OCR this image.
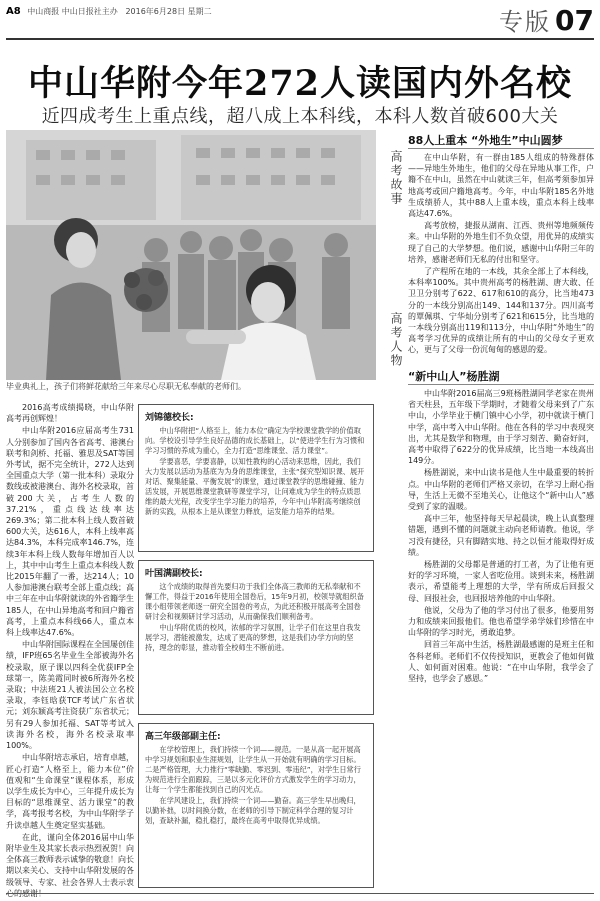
A8 中山商报 中山日报社主办 2016年6月28日 星期二	专版 07
中山华附今年272人读国内外名校
近四成考生上重点线，超八成上本科线，本科人数首破600大关
毕业典礼上，孩子们将鲜花献给三年来尽心尽职无私奉献的老师们。
高考故事
高考人物

2016高考成绩揭晓，中山华附高考再创辉煌！

中山华附2016应届高考生731人分别参加了国内各省高考、港澳台联考和剑桥、托福、雅思及SAT等国外考试，据不完全统计，272人达到全国重点大学（第一批本科）录取分数线或被港澳台、海外名校录取，首破200大关，占考生人数的37.21%，重点线达线率达269.3%；第二批本科上线人数首破600大关，达616人，本科上线率高达84.3%，本科完成率146.7%，连续3年本科上线人数每年增加百人以上，其中中山考生上重点本科线人数比2015年翻了一番，达214人；10人参加港澳台联考全部上重点线；高中三年在中山华附就读的外省籍学生185人，在中山异地高考和回户籍省高考，上重点本科线66人，重点本科上线率达47.6%。

中山华附国际课程在全国屡创佳绩，IFP班65名毕业生全部被海外名校录取，原子课以四科全优获IFP全球第一，陈美霞同时被6所海外名校录取；中法班21人被法国公立名校录取，李钰晗获TCF考试广东省状元；刘东颖高考注资获广东省状元；另有29人参加托福、SAT等考试入读海外名校，海外名校录取率100%。

中山华附培志承启，培育卓越，匠心打造“人格至上，能力本位”价值观和“生命课堂”课程体系，形成以学生成长为中心，三年提升成长为目标的“思维课堂、活力课堂”的教学，高考报考名校，为中山华附学子升读卓越人生奠定坚实基础。

在此，谨向全体2016届中山华附毕业生及其家长表示热烈祝贺！向全体高三教师表示诚挚的敬意！向长期以来关心、支持中山华附发展的各级领导、专家、社会各界人士表示衷

刘锦德校长:

中山华附把“人格至上，能力本位”确定为学校课堂教学的价值取向。学校设引导学生良好品德的成长基础上，以“使进学生行为习惯和学习习惯的养成为重心，全力打造“思维课堂、活力课堂”。

学要喜恶，学要喜静，以知性教构的心活动来思维，因此，我们大力发展以活动为基底为为身的思维课堂，主张“探究型知识课、展开对话、聚集能量、平衡发展”的课堂，通过课堂教学的思维碰撞、能力活发展，开展思维课堂教研等课堂学习，让问难成为学生的特点质思维的最大光程，改变学生学习能力的培养，今年中山华附高考继续创新的实践，从根本上是从课堂力释放，运发能力培养的结果。

叶国满副校长:

这个成绩的取得首先要归功于我们全体高三教师的无私奉献和不懈工作，得益于2016年使用全国卷后，15年9月初，校领导就组织备课小组带领老师逐一研究全国卷的考点，为此还积极开展高考全国卷研讨会和视频研讨学习活动，从而确保我们顺利备考。

中山华附优质的校风，浓郁的学习氛围，让学子们在这里自我发展学习，潜能被激发，达成了更高的梦想，这是我们办学方向的坚持，理念的彰显，推动着全校师生不断前进。

高三年级部副主任:

在学校管理上，我们持续一个词——规范。一是从高一起开展高中学习规划和职业生涯规划，让学生从一开始就有明确的学习目标。二是严格管理，大力推行“零缺勤、零迟到、零违纪”，对学生日常行为规范进行全面跟踪，三是以多元化评价方式激发学生的学习动力，让每一个学生都能找到自己的闪光点。

在学风建设上，我们持续一个词——勤奋。高三学生早出晚归，以勤补拙，以时间换分数，在老师的引导下制定科学合理的复习计划，查缺补漏，稳扎稳打，最终在高考中取得优异成绩。

88人上重本 “外地生”中山圆梦

在中山华附，有一群由185人组成的特殊群体——异地生外地生，他们的父母在异地从事工作，户籍不在中山，虽然在中山就读三年，但高考须参加异地高考或回户籍地高考。今年，中山华附185名外地生成绩骄人，其中88人上重本线，重点本科上线率高达47.6%。

高考放榜，捷报从湖南、江西、贵州等地频频传来。中山华附的外地生们不负众望，用优异的成绩实现了自己的大学梦想。他们说，感谢中山华附三年的培养，感谢老师们无私的付出和坚守。

了产程所在地的一本线，其余全部上了本科线，本科率100%。其中贵州高考的杨胜湖、唐大敢、任卫卫分别考了622、617和610的高分，比当地473分的一本线分别高出149、144和137分。四川高考的覃佩琪、宁华灿分别考了621和615分，比当地的一本线分别高出119和113分，中山华附“外地生”的高考学习优异的成绩让所有的中山的父母女子更欢心，更与了父母一份沉甸甸的感恩的爱。

“新中山人”杨胜湖

中山华附2016届高三9班杨胜湖同学老家在贵州省天柱县，五年级下学期时，才随着父母来到了广东中山，小学毕业于横门镇中心小学，初中就读于横门中学，高中考入中山华附。他在各科的学习中表现突出，尤其是数学和物理，由于学习刻苦、勤奋好问，高考中取得了622分的优异成绩，比当地一本线高出149分。

杨胜湖说，来中山读书是他人生中最重要的转折点。中山华附的老师们严格又亲切，在学习上耐心指导，生活上无微不至地关心，让他这个“新中山人”感受到了家的温暖。

高中三年，他坚持每天早起晨读，晚上认真整理错题，遇到不懂的问题就主动向老师请教。他说，学习没有捷径，只有脚踏实地、持之以恒才能取得好成绩。

杨胜湖的父母都是普通的打工者，为了让他有更好的学习环境，一家人省吃俭用。谈到未来，杨胜湖表示，希望能考上理想的大学，学有所成后回报父母、回报社会，也回报培养他的中山华附。

他说，父母为了他的学习付出了很多，他要用努力和成绩来回报他们。他也希望学弟学妹们珍惜在中山华附的学习时光，勇敢追梦。

回首三年高中生活，杨胜湖最感谢的是班主任和各科老师。老师们不仅传授知识，更教会了他如何做人、如何面对困难。他说：“在中山华附，我学会了坚持，也学会了感恩。”
